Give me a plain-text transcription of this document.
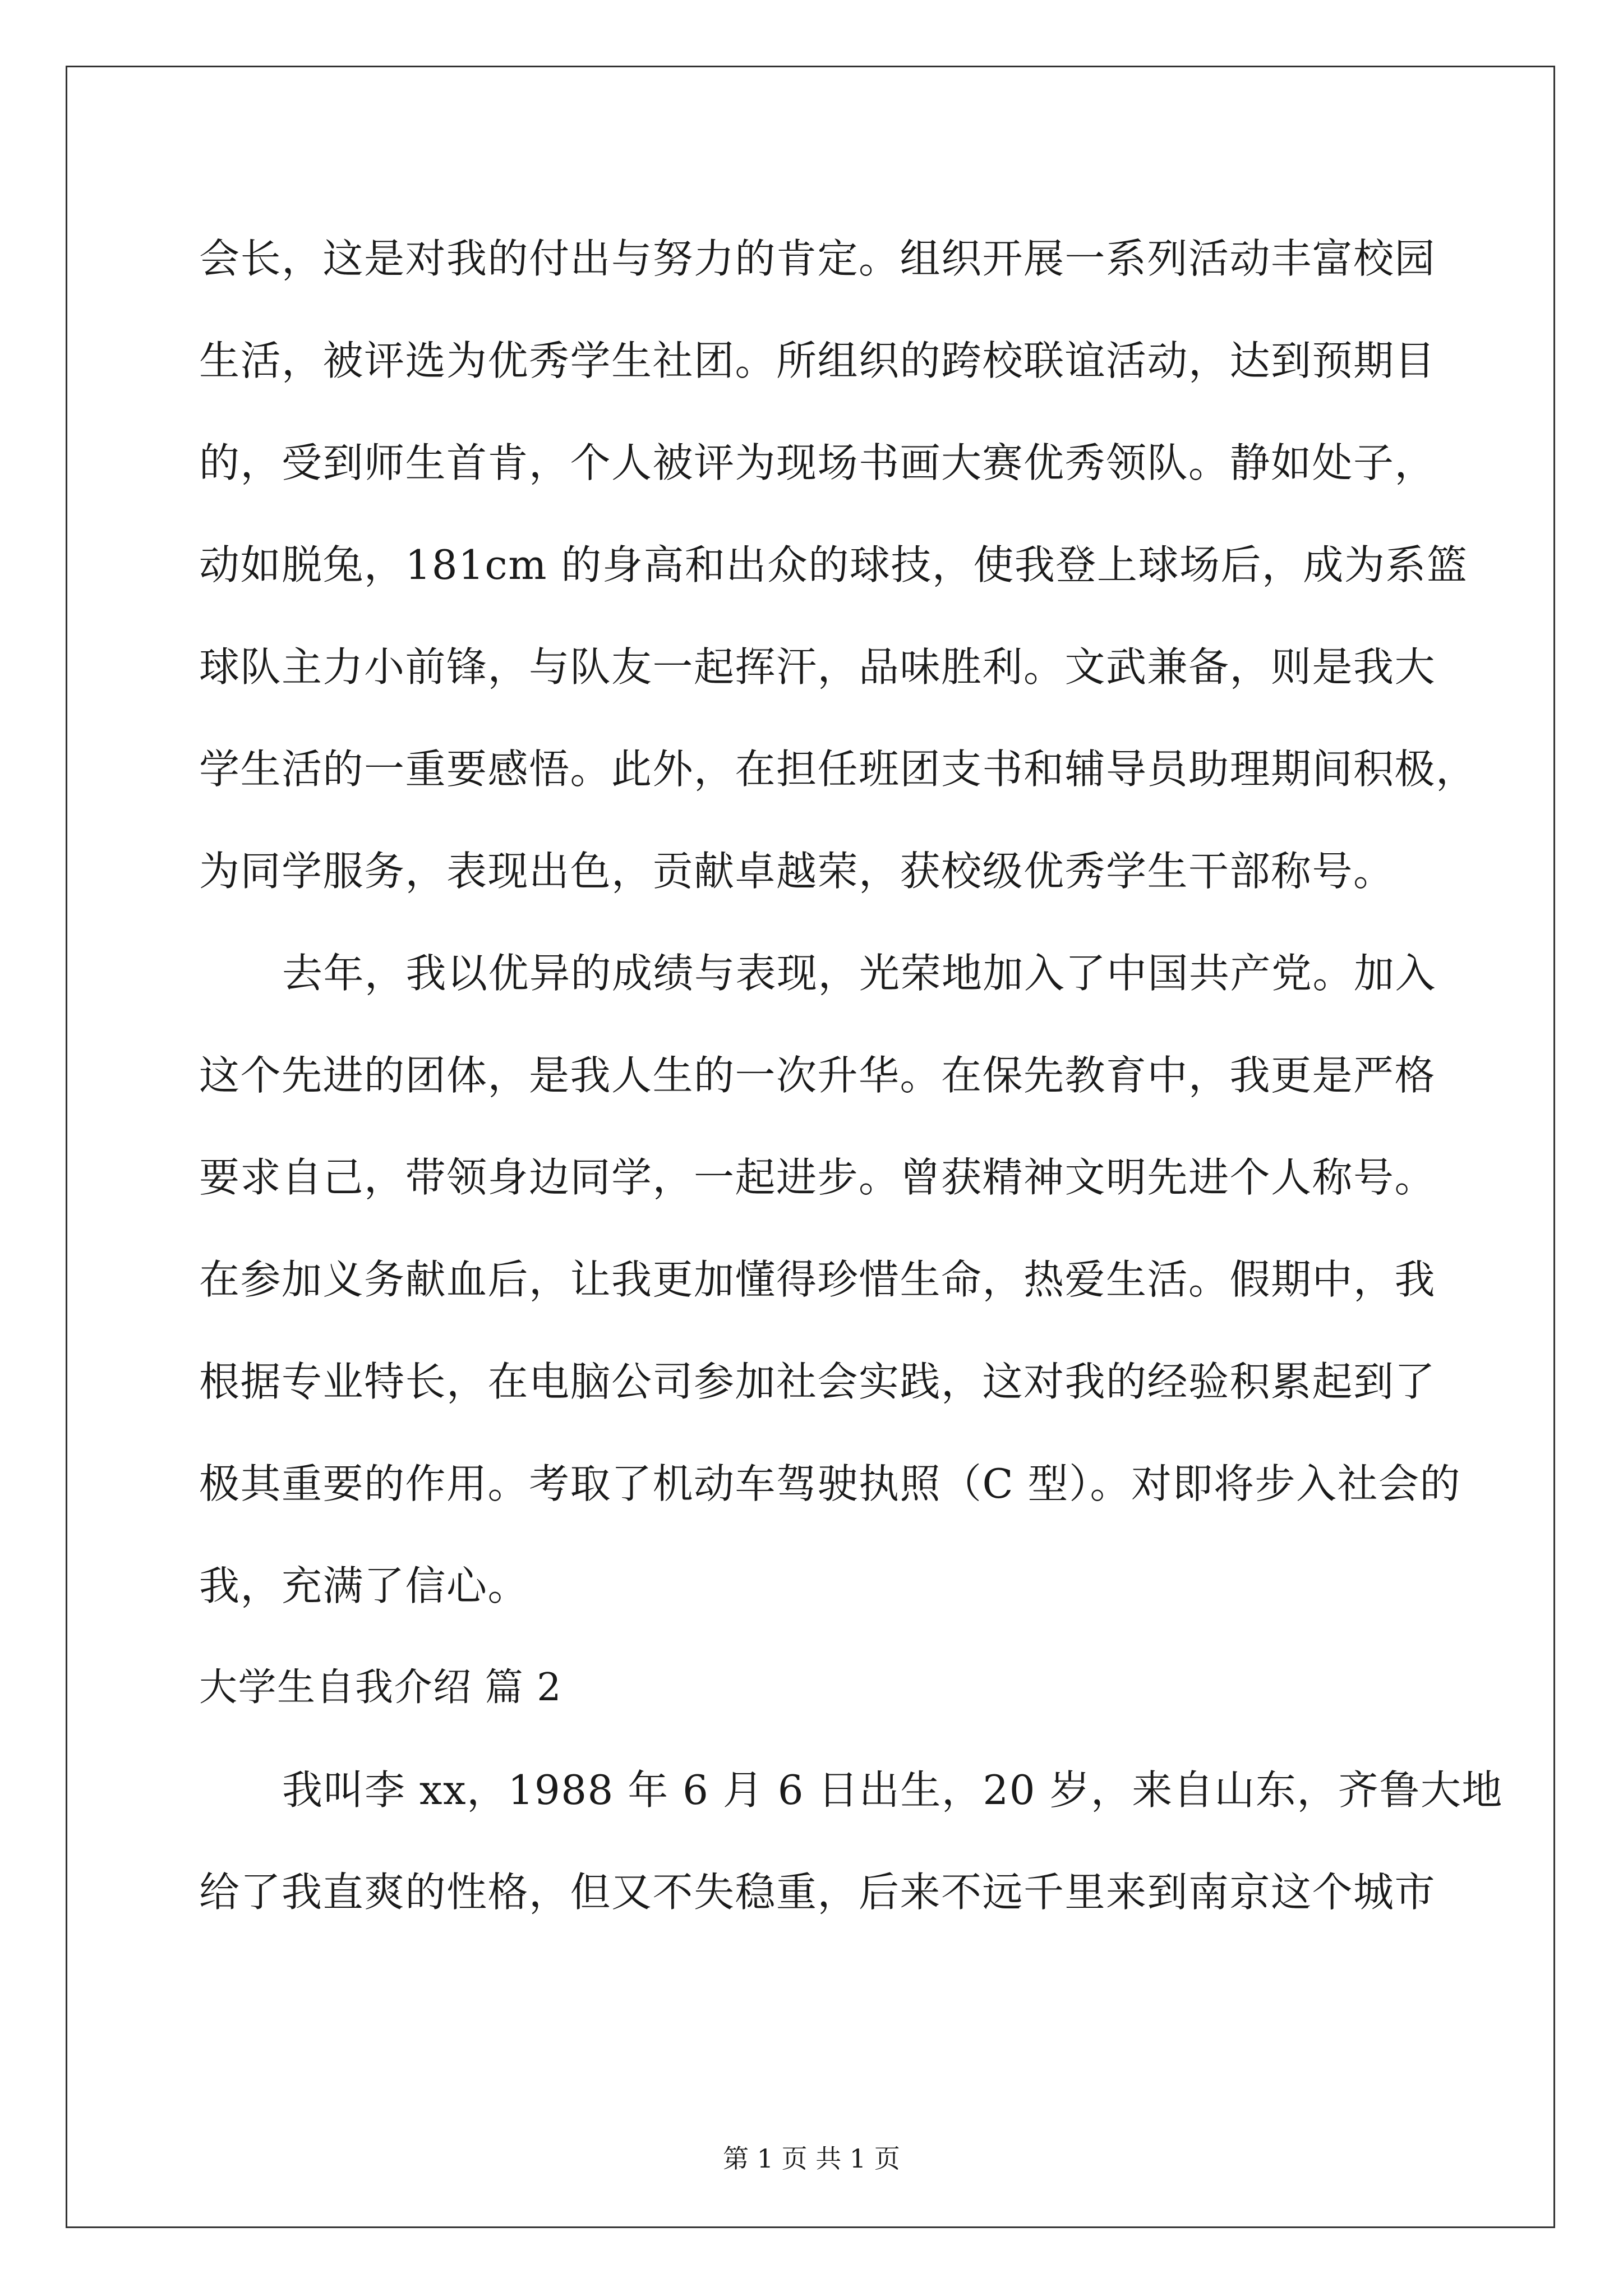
会长，这是对我的付出与努力的肯定。组织开展一系列活动丰富校园
生活，被评选为优秀学生社团。所组织的跨校联谊活动，达到预期目
的，受到师生首肯，个人被评为现场书画大赛优秀领队。静如处子，
动如脱兔，181cm 的身高和出众的球技，使我登上球场后，成为系篮
球队主力小前锋，与队友一起挥汗，品味胜利。文武兼备，则是我大
学生活的一重要感悟。此外，在担任班团支书和辅导员助理期间积极，
为同学服务，表现出色，贡献卓越荣，获校级优秀学生干部称号。
去年，我以优异的成绩与表现，光荣地加入了中国共产党。加入
这个先进的团体，是我人生的一次升华。在保先教育中，我更是严格
要求自己，带领身边同学，一起进步。曾获精神文明先进个人称号。
在参加义务献血后，让我更加懂得珍惜生命，热爱生活。假期中，我
根据专业特长，在电脑公司参加社会实践，这对我的经验积累起到了
极其重要的作用。考取了机动车驾驶执照（C 型）。对即将步入社会的
我，充满了信心。
大学生自我介绍 篇 2
我叫李 xx，1988 年 6 月 6 日出生，20 岁，来自山东，齐鲁大地
给了我直爽的性格，但又不失稳重，后来不远千里来到南京这个城市
第 1 页 共 1 页
